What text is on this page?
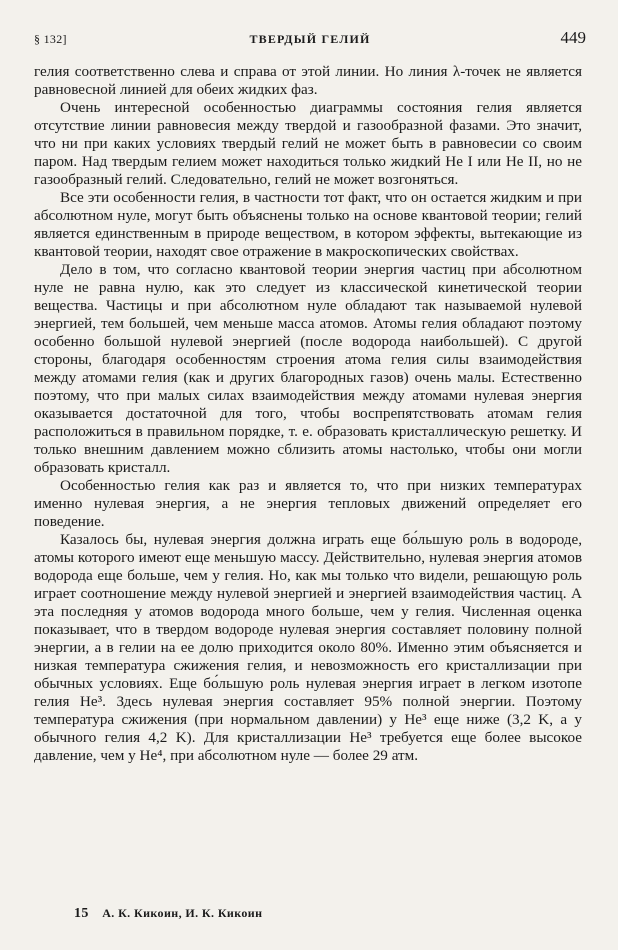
§ 132]	ТВЕРДЫЙ ГЕЛИЙ	449

гелия соответственно слева и справа от этой линии. Но линия λ-точек не является равновесной линией для обеих жидких фаз.

Очень интересной особенностью диаграммы состояния гелия является отсутствие линии равновесия между твердой и газообразной фазами. Это значит, что ни при каких условиях твердый гелий не может быть в равновесии со своим паром. Над твердым гелием может находиться только жидкий He I или He II, но не газообразный гелий. Следовательно, гелий не может возгоняться.

Все эти особенности гелия, в частности тот факт, что он остается жидким и при абсолютном нуле, могут быть объяснены только на основе квантовой теории; гелий является единственным в природе веществом, в котором эффекты, вытекающие из квантовой теории, находят свое отражение в макроскопических свойствах.

Дело в том, что согласно квантовой теории энергия частиц при абсолютном нуле не равна нулю, как это следует из классической кинетической теории вещества. Частицы и при абсолютном нуле обладают так называемой нулевой энергией, тем большей, чем меньше масса атомов. Атомы гелия обладают поэтому особенно большой нулевой энергией (после водорода наибольшей). С другой стороны, благодаря особенностям строения атома гелия силы взаимодействия между атомами гелия (как и других благородных газов) очень малы. Естественно поэтому, что при малых силах взаимодействия между атомами нулевая энергия оказывается достаточной для того, чтобы воспрепятствовать атомам гелия расположиться в правильном порядке, т. е. образовать кристаллическую решетку. И только внешним давлением можно сблизить атомы настолько, чтобы они могли образовать кристалл.

Особенностью гелия как раз и является то, что при низких температурах именно нулевая энергия, а не энергия тепловых движений определяет его поведение.

Казалось бы, нулевая энергия должна играть еще бо́льшую роль в водороде, атомы которого имеют еще меньшую массу. Действительно, нулевая энергия атомов водорода еще больше, чем у гелия. Но, как мы только что видели, решающую роль играет соотношение между нулевой энергией и энергией взаимодействия частиц. А эта последняя у атомов водорода много больше, чем у гелия. Численная оценка показывает, что в твердом водороде нулевая энергия составляет половину полной энергии, а в гелии на ее долю приходится около 80%. Именно этим объясняется и низкая температура сжижения гелия, и невозможность его кристаллизации при обычных условиях. Еще бо́льшую роль нулевая энергия играет в легком изотопе гелия He³. Здесь нулевая энергия составляет 95% полной энергии. Поэтому температура сжижения (при нормальном давлении) у He³ еще ниже (3,2 K, а у обычного гелия 4,2 K). Для кристаллизации He³ требуется еще более высокое давление, чем у He⁴, при абсолютном нуле — более 29 атм.

15 А. К. Кикоин, И. К. Кикоин
